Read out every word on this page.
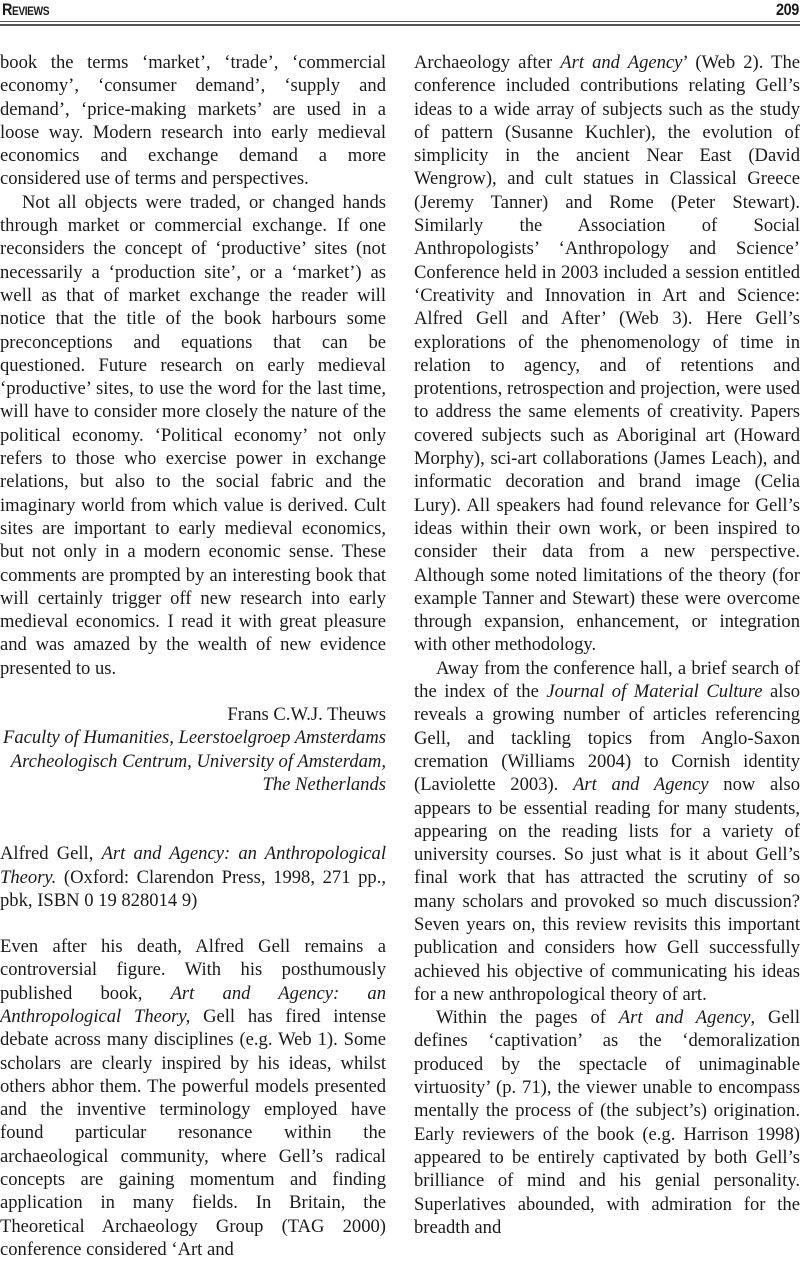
Reviews	209

book the terms ‘market’, ‘trade’, ‘commercial economy’, ‘consumer demand’, ‘supply and demand’, ‘price-making markets’ are used in a loose way. Modern research into early medieval economics and exchange demand a more considered use of terms and perspectives.

Not all objects were traded, or changed hands through market or commercial exchange. If one reconsiders the concept of ‘productive’ sites (not necessarily a ‘production site’, or a ‘market’) as well as that of market exchange the reader will notice that the title of the book harbours some preconceptions and equations that can be questioned. Future research on early medieval ‘productive’ sites, to use the word for the last time, will have to consider more closely the nature of the political economy. ‘Political economy’ not only refers to those who exercise power in exchange relations, but also to the social fabric and the imaginary world from which value is derived. Cult sites are important to early medieval economics, but not only in a modern economic sense. These comments are prompted by an interesting book that will certainly trigger off new research into early medieval economics. I read it with great pleasure and was amazed by the wealth of new evidence presented to us.

Frans C.W.J. Theuws

Faculty of Humanities, Leerstoelgroep Amsterdams

Archeologisch Centrum, University of Amsterdam,

The Netherlands

Alfred Gell, Art and Agency: an Anthropological Theory. (Oxford: Clarendon Press, 1998, 271 pp., pbk, ISBN 0 19 828014 9)

Even after his death, Alfred Gell remains a controversial figure. With his posthumously published book, Art and Agency: an Anthropological Theory, Gell has fired intense debate across many disciplines (e.g. Web 1). Some scholars are clearly inspired by his ideas, whilst others abhor them. The powerful models presented and the inventive terminology employed have found particular resonance within the archaeological community, where Gell’s radical concepts are gaining momentum and finding application in many fields. In Britain, the Theoretical Archaeology Group (TAG 2000) conference considered ‘Art and

Archaeology after Art and Agency’ (Web 2). The conference included contributions relating Gell’s ideas to a wide array of subjects such as the study of pattern (Susanne Kuchler), the evolution of simplicity in the ancient Near East (David Wengrow), and cult statues in Classical Greece (Jeremy Tanner) and Rome (Peter Stewart). Similarly the Association of Social Anthropologists’ ‘Anthropology and Science’ Conference held in 2003 included a session entitled ‘Creativity and Innovation in Art and Science: Alfred Gell and After’ (Web 3). Here Gell’s explorations of the phenomenology of time in relation to agency, and of retentions and protentions, retrospection and projection, were used to address the same elements of creativity. Papers covered subjects such as Aboriginal art (Howard Morphy), sci-art collaborations (James Leach), and informatic decoration and brand image (Celia Lury). All speakers had found relevance for Gell’s ideas within their own work, or been inspired to consider their data from a new perspective. Although some noted limitations of the theory (for example Tanner and Stewart) these were overcome through expansion, enhancement, or integration with other methodology.

Away from the conference hall, a brief search of the index of the Journal of Material Culture also reveals a growing number of articles referencing Gell, and tackling topics from Anglo-Saxon cremation (Williams 2004) to Cornish identity (Laviolette 2003). Art and Agency now also appears to be essential reading for many students, appearing on the reading lists for a variety of university courses. So just what is it about Gell’s final work that has attracted the scrutiny of so many scholars and provoked so much discussion? Seven years on, this review revisits this important publication and considers how Gell successfully achieved his objective of communicating his ideas for a new anthropological theory of art.

Within the pages of Art and Agency, Gell defines ‘captivation’ as the ‘demoralization produced by the spectacle of unimaginable virtuosity’ (p. 71), the viewer unable to encompass mentally the process of (the subject’s) origination. Early reviewers of the book (e.g. Harrison 1998) appeared to be entirely captivated by both Gell’s brilliance of mind and his genial personality. Superlatives abounded, with admiration for the breadth and
